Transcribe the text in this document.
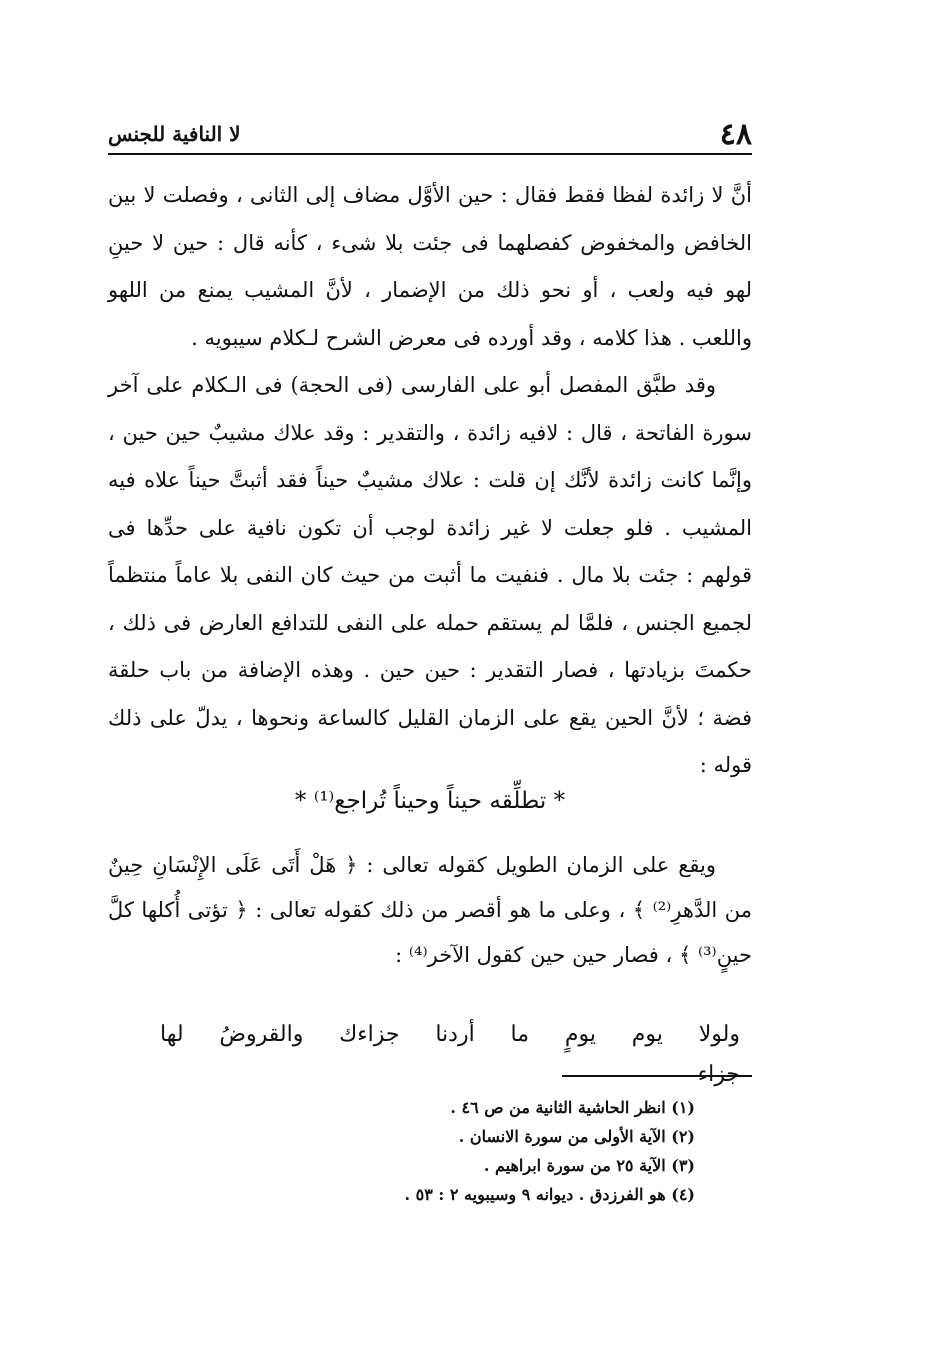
٤٨
لا النافية للجنس

أنَّ لا زائدة لفظا فقط فقال : حين الأوَّل مضاف إلى الثانى ، وفصلت لا بين الخافض والمخفوض كفصلهما فى جئت بلا شىء ، كأنه قال : حين لا حينِ لهو فيه ولعب ، أو نحو ذلك من الإضمار ، لأنَّ المشيب يمنع من اللهو واللعب . هذا كلامه ، وقد أورده فى معرض الشرح لـكلام سيبويه .

وقد طبَّق المفصل أبو على الفارسى (فى الحجة) فى الـكلام على آخر سورة الفاتحة ، قال : لافيه زائدة ، والتقدير : وقد علاك مشيبٌ حين حين ، وإنَّما كانت زائدة لأنَّك إن قلت : علاك مشيبٌ حيناً فقد أثبتَّ حيناً علاه فيه المشيب . فلو جعلت لا غير زائدة لوجب أن تكون نافية على حدِّها فى قولهم : جئت بلا مال . فنفيت ما أثبت من حيث كان النفى بلا عاماً منتظماً لجميع الجنس ، فلمَّا لم يستقم حمله على النفى للتدافع العارض فى ذلك ، حكمتَ بزيادتها ، فصار التقدير : حين حين . وهذه الإضافة من باب حلقة فضة ؛ لأنَّ الحين يقع على الزمان القليل كالساعة ونحوها ، يدلّ على ذلك قوله :

* تطلِّقه حيناً وحيناً تُراجع⁽¹⁾ *

ويقع على الزمان الطويل كقوله تعالى : ﴿ هَلْ أَتَى عَلَى الإِنْسَانِ حِينٌ من الدَّهرِ⁽²⁾ ﴾ ، وعلى ما هو أقصر من ذلك كقوله تعالى : ﴿ تؤتى أُكلها كلَّ حينٍ⁽³⁾ ﴾ ، فصار حين حين كقول الآخر⁽⁴⁾ :

ولولا يوم يومٍ ما أردنا جزاءك والقروضُ لها جزاء
(١) انظر الحاشية الثانية من ص ٤٦ .
(٢) الآية الأولى من سورة الانسان .
(٣) الآية ٢٥ من سورة ابراهيم .
(٤) هو الفرزدق . ديوانه ٩ وسيبويه ٢ : ٥٣ .
